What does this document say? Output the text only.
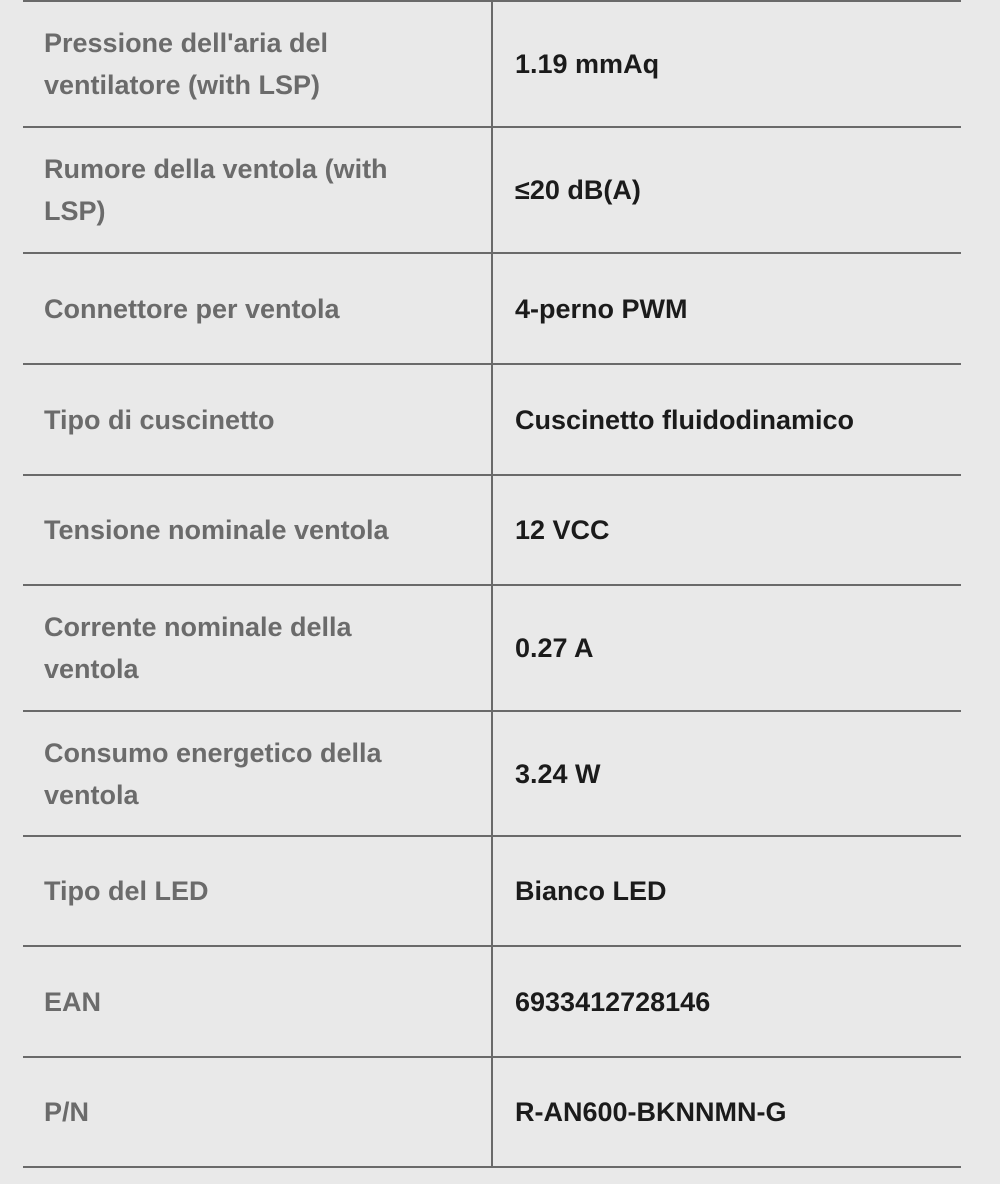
Pressione dell'aria del ventilatore (with LSP)	1.19 mmAq

Rumore della ventola (with LSP)	≤20 dB(A)

Connettore per ventola	4-perno PWM

Tipo di cuscinetto	Cuscinetto fluidodinamico

Tensione nominale ventola	12 VCC

Corrente nominale della ventola	0.27 A

Consumo energetico della ventola	3.24 W

Tipo del LED	Bianco LED

EAN	6933412728146

P/N	R-AN600-BKNNMN-G
